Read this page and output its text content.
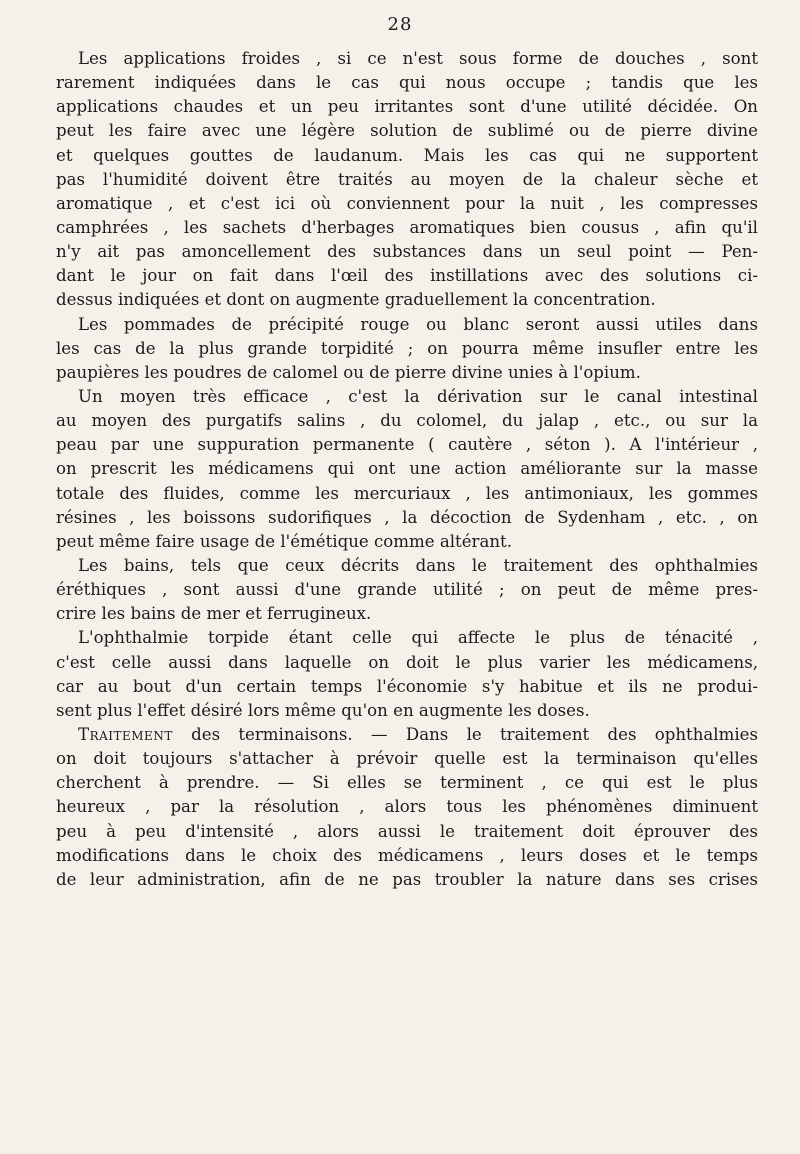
28
Les applications froides , si ce n'est sous forme de douches , sont
rarement indiquées dans le cas qui nous occupe ; tandis que les
applications chaudes et un peu irritantes sont d'une utilité décidée. On
peut les faire avec une légère solution de sublimé ou de pierre divine
et quelques gouttes de laudanum. Mais les cas qui ne supportent
pas l'humidité doivent être traités au moyen de la chaleur sèche et
aromatique , et c'est ici où conviennent pour la nuit , les compresses
camphrées , les sachets d'herbages aromatiques bien cousus , afin qu'il
n'y ait pas amoncellement des substances dans un seul point — Pen-
dant le jour on fait dans l'œil des instillations avec des solutions ci-
dessus indiquées et dont on augmente graduellement la concentration.
Les pommades de précipité rouge ou blanc seront aussi utiles dans
les cas de la plus grande torpidité ; on pourra même insufler entre les
paupières les poudres de calomel ou de pierre divine unies à l'opium.
Un moyen très efficace , c'est la dérivation sur le canal intestinal
au moyen des purgatifs salins , du colomel, du jalap , etc., ou sur la
peau par une suppuration permanente ( cautère , séton ). A l'intérieur ,
on prescrit les médicamens qui ont une action améliorante sur la masse
totale des fluides, comme les mercuriaux , les antimoniaux, les gommes
résines , les boissons sudorifiques , la décoction de Sydenham , etc. , on
peut même faire usage de l'émétique comme altérant.
Les bains, tels que ceux décrits dans le traitement des ophthalmies
éréthiques , sont aussi d'une grande utilité ; on peut de même pres-
crire les bains de mer et ferrugineux.
L'ophthalmie torpide étant celle qui affecte le plus de ténacité ,
c'est celle aussi dans laquelle on doit le plus varier les médicamens,
car au bout d'un certain temps l'économie s'y habitue et ils ne produi-
sent plus l'effet désiré lors même qu'on en augmente les doses.
Traitement des terminaisons. — Dans le traitement des ophthalmies
on doit toujours s'attacher à prévoir quelle est la terminaison qu'elles
cherchent à prendre. — Si elles se terminent , ce qui est le plus
heureux , par la résolution , alors tous les phénomènes diminuent
peu à peu d'intensité , alors aussi le traitement doit éprouver des
modifications dans le choix des médicamens , leurs doses et le temps
de leur administration, afin de ne pas troubler la nature dans ses crises
